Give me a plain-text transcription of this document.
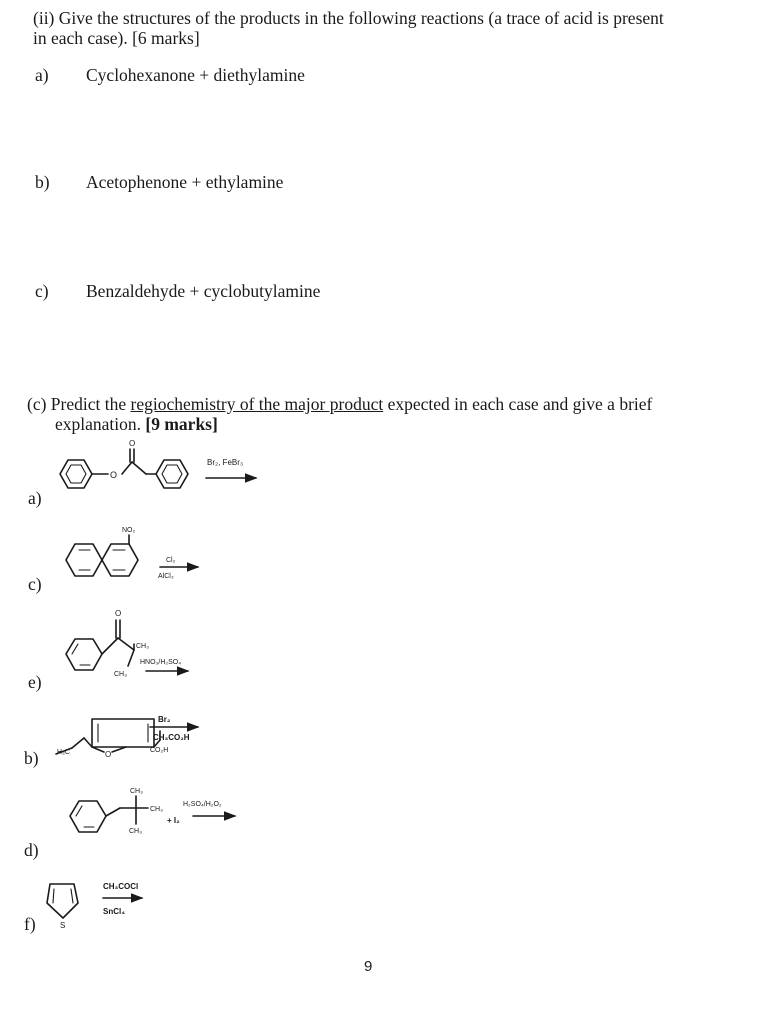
(ii) Give the structures of the products in the following reactions (a trace of acid is present
in each case). [6 marks]
a) Cyclohexanone + diethylamine
b) Acetophenone + ethylamine
c) Benzaldehyde + cyclobutylamine
(c) Predict the regiochemistry of the major product expected in each case and give a brief
explanation. [9 marks]
a)
c)
e)
b)
d)
f)
O
O
Br₂, FeBr₃
NO₂
Cl₂
AlCl₃
O
CH₃
CH₃
HNO₃/H₂SO₄
H₃C	O
Br₂
CH₃CO₂H
CO₂H
CH₃
CH₃
CH₃
+ I₂
H₂SO₄/H₂O₂
S
CH₃COCl
SnCl₄
9
